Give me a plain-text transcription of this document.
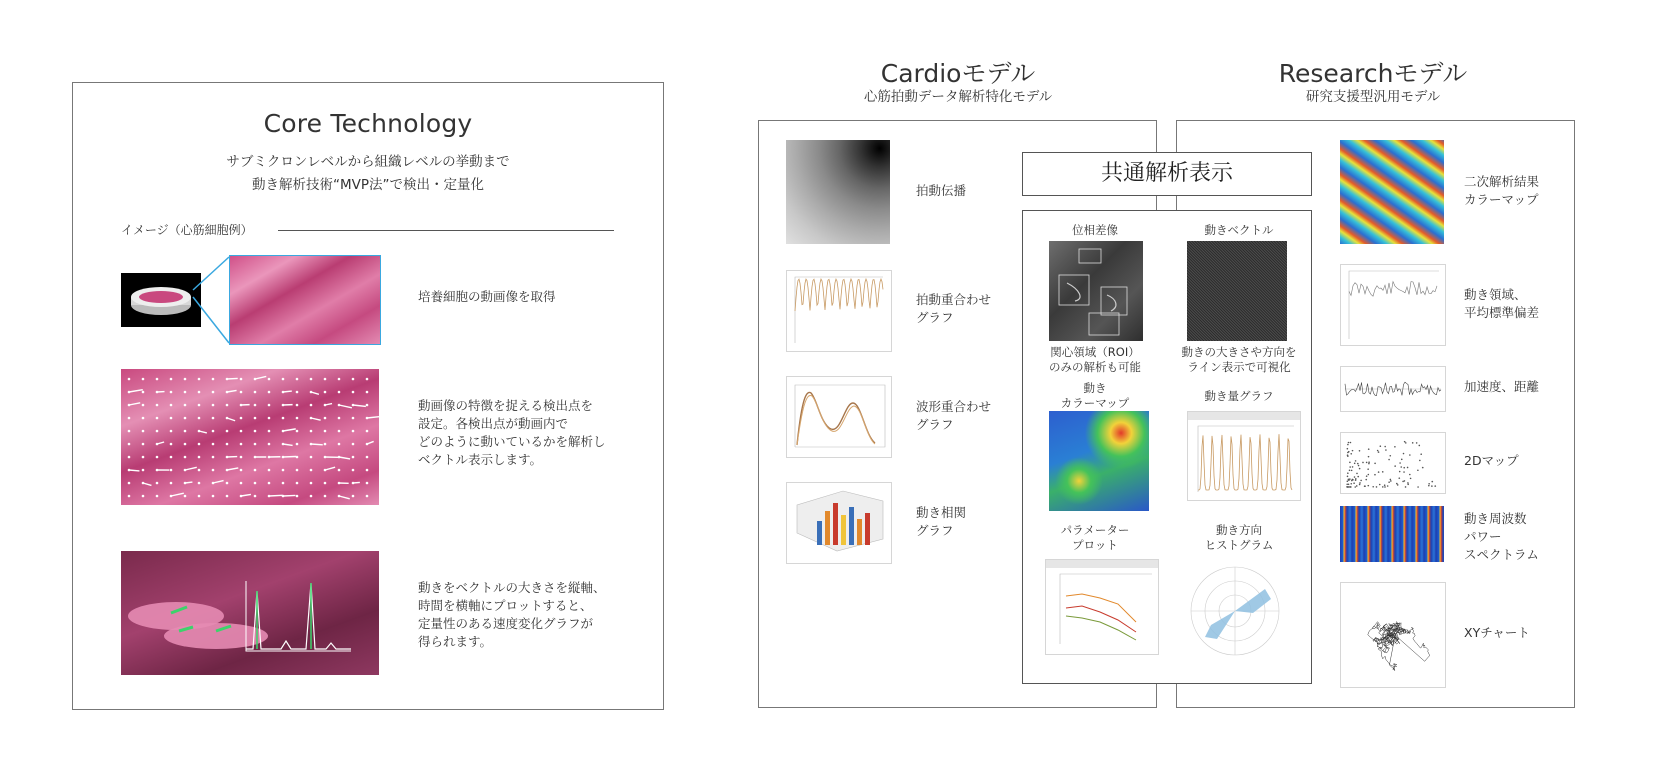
Core Technology
サブミクロンレベルから組織レベルの挙動まで
動き解析技術“MVP法”で検出・定量化
イメージ（心筋細胞例）
培養細胞の動画像を取得
動画像の特徴を捉える検出点を
設定。各検出点が動画内で
どのように動いているかを解析し
ベクトル表示します。
動きをベクトルの大きさを縦軸、
時間を横軸にプロットすると、
定量性のある速度変化グラフが
得られます。
Cardioモデル
心筋拍動データ解析特化モデル
Researchモデル
研究支援型汎用モデル
拍動伝播
拍動重合わせ
グラフ
波形重合わせ
グラフ
動き相関
グラフ
二次解析結果
カラーマップ
動き領域、
平均標準偏差
加速度、距離
2Dマップ
動き周波数
パワー
スペクトラム
XYチャート
共通解析表示
位相差像
関心領域（ROI）
のみの解析も可能
動きベクトル
動きの大きさや方向を
ライン表示で可視化
動き
カラーマップ	動き量グラフ
パラメーター
プロット
動き方向
ヒストグラム
